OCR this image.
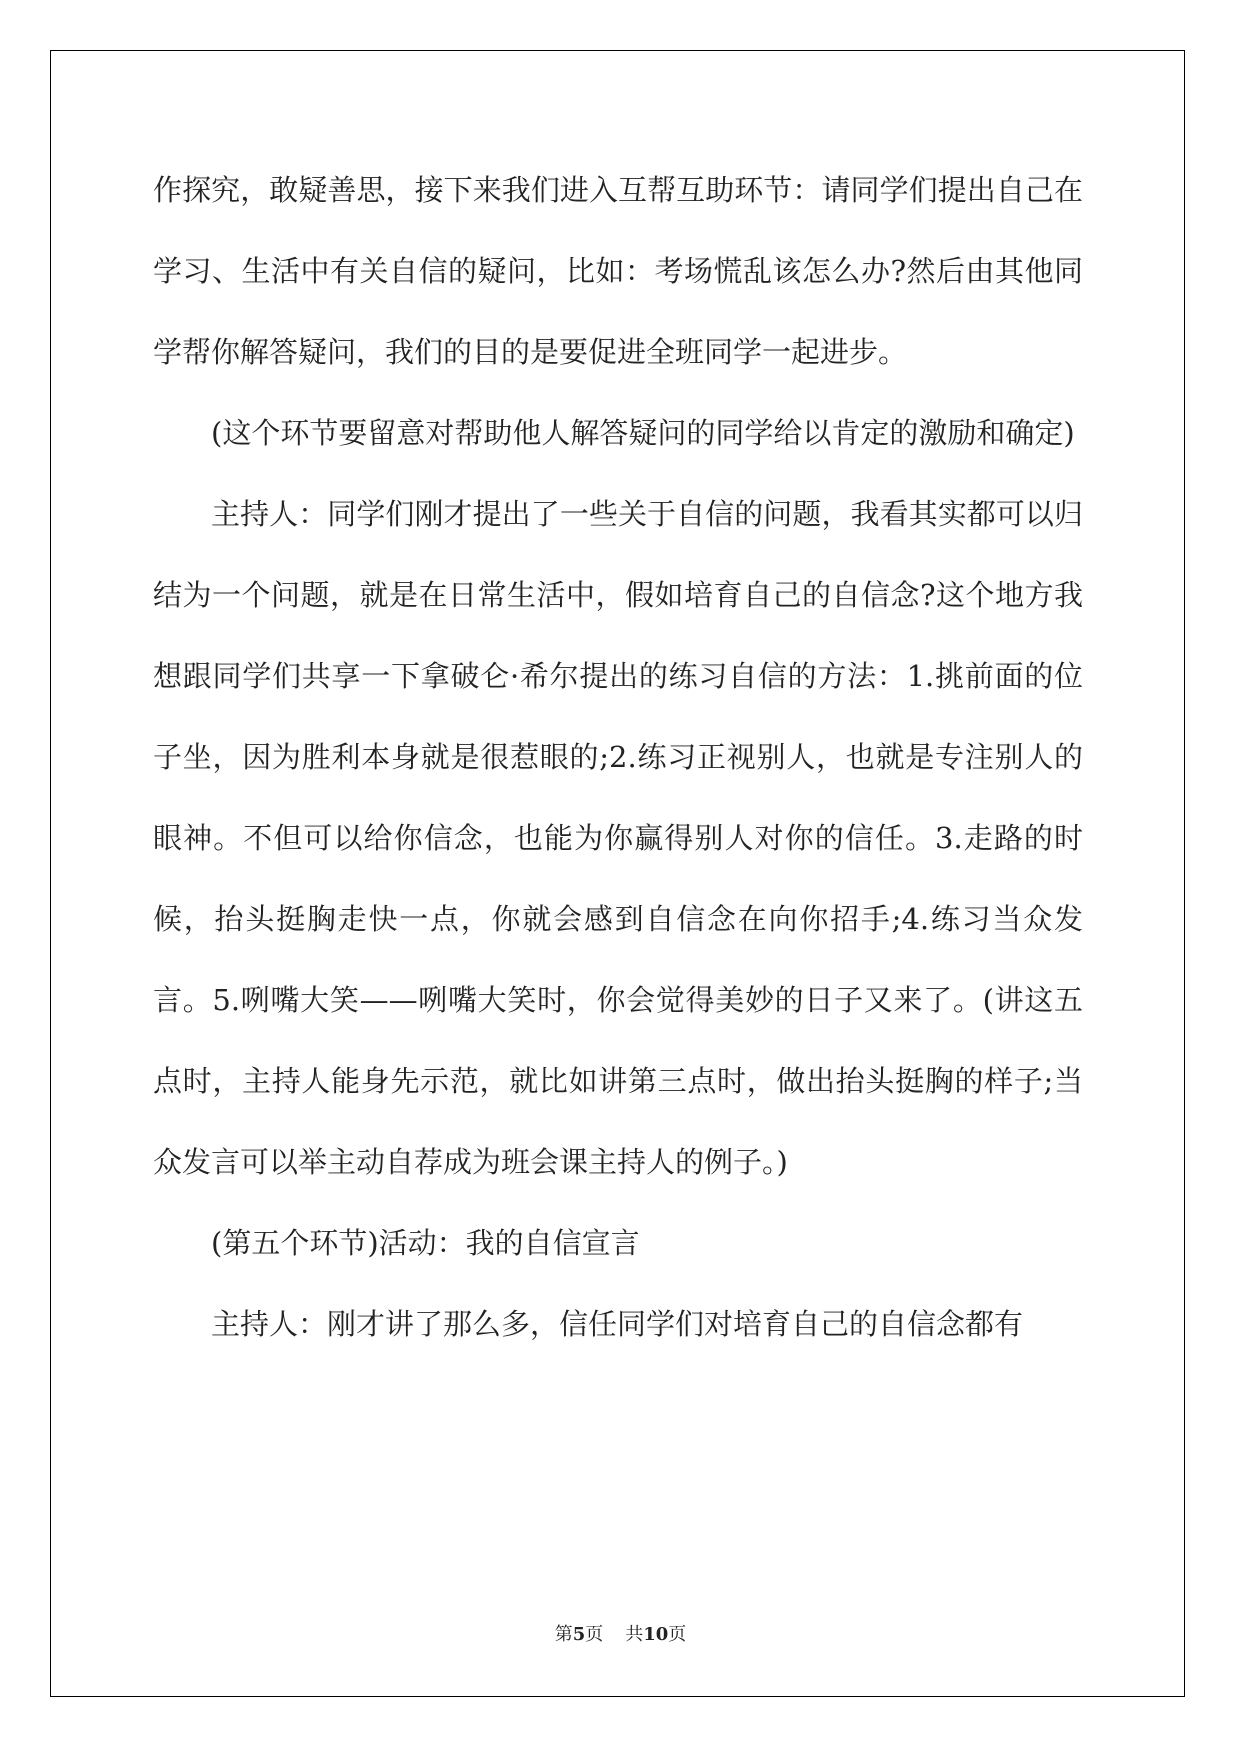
作探究，敢疑善思，接下来我们进入互帮互助环节：请同学们提出自己在学习、生活中有关自信的疑问，比如：考场慌乱该怎么办?然后由其他同学帮你解答疑问，我们的目的是要促进全班同学一起进步。

(这个环节要留意对帮助他人解答疑问的同学给以肯定的激励和确定)

主持人：同学们刚才提出了一些关于自信的问题，我看其实都可以归结为一个问题，就是在日常生活中，假如培育自己的自信念?这个地方我想跟同学们共享一下拿破仑·希尔提出的练习自信的方法：1.挑前面的位子坐，因为胜利本身就是很惹眼的;2.练习正视别人，也就是专注别人的眼神。不但可以给你信念，也能为你赢得别人对你的信任。3.走路的时候，抬头挺胸走快一点，你就会感到自信念在向你招手;4.练习当众发言。5.咧嘴大笑——咧嘴大笑时，你会觉得美妙的日子又来了。(讲这五点时，主持人能身先示范，就比如讲第三点时，做出抬头挺胸的样子;当众发言可以举主动自荐成为班会课主持人的例子。)

(第五个环节)活动：我的自信宣言

主持人：刚才讲了那么多，信任同学们对培育自己的自信念都有

第5页 共10页
